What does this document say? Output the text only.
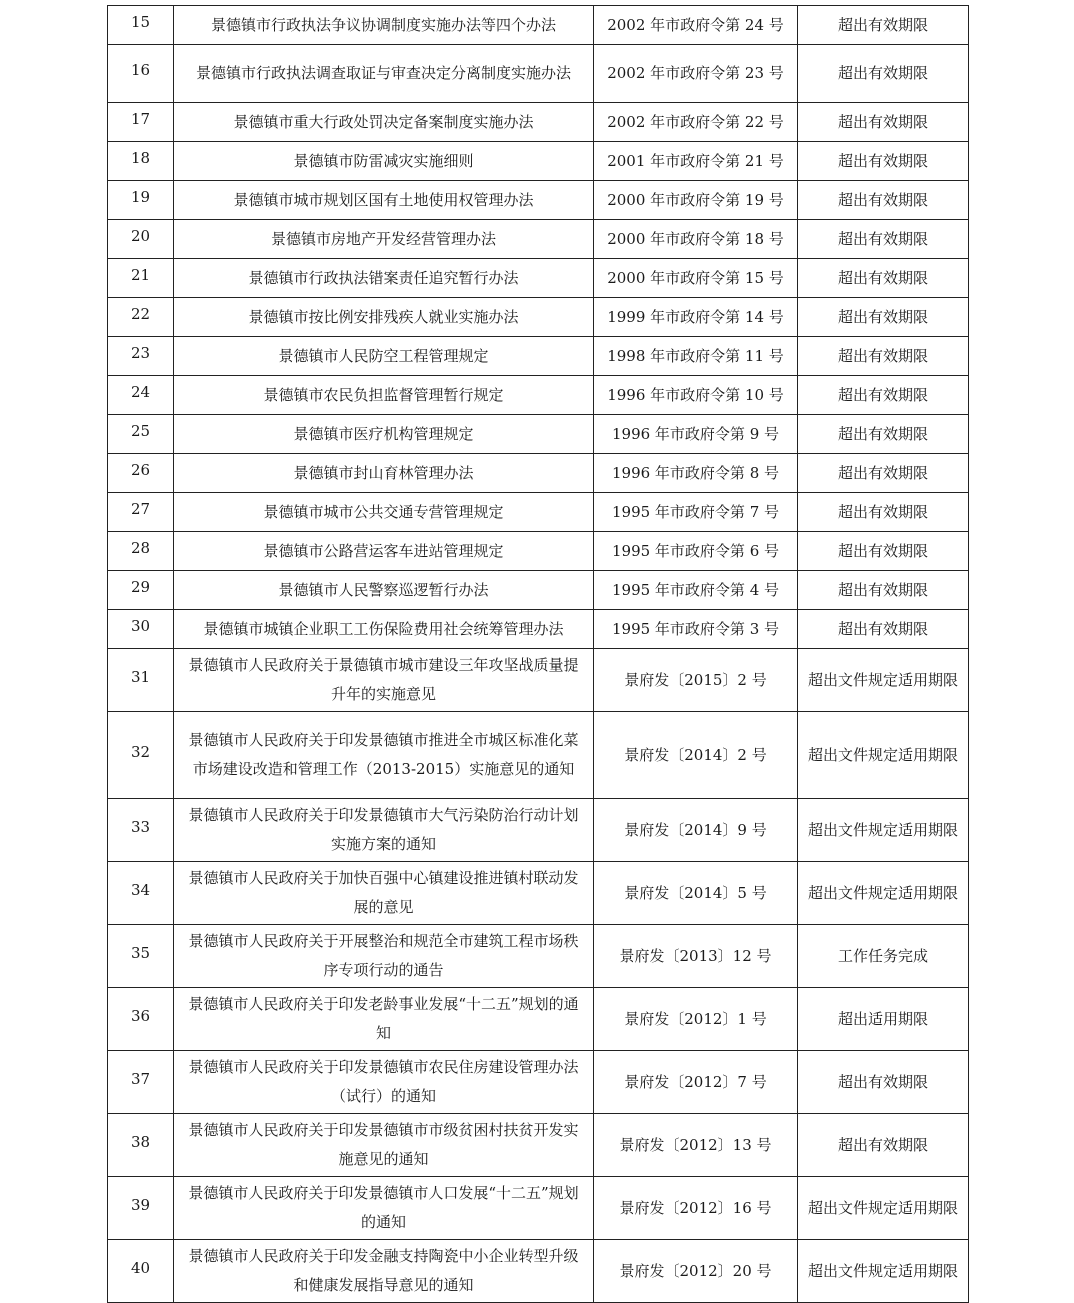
15	景德镇市行政执法争议协调制度实施办法等四个办法	2002 年市政府令第 24 号	超出有效期限
16	景德镇市行政执法调查取证与审查决定分离制度实施办法	2002 年市政府令第 23 号	超出有效期限
17	景德镇市重大行政处罚决定备案制度实施办法	2002 年市政府令第 22 号	超出有效期限
18	景德镇市防雷减灾实施细则	2001 年市政府令第 21 号	超出有效期限
19	景德镇市城市规划区国有土地使用权管理办法	2000 年市政府令第 19 号	超出有效期限
20	景德镇市房地产开发经营管理办法	2000 年市政府令第 18 号	超出有效期限
21	景德镇市行政执法错案责任追究暂行办法	2000 年市政府令第 15 号	超出有效期限
22	景德镇市按比例安排残疾人就业实施办法	1999 年市政府令第 14 号	超出有效期限
23	景德镇市人民防空工程管理规定	1998 年市政府令第 11 号	超出有效期限
24	景德镇市农民负担监督管理暂行规定	1996 年市政府令第 10 号	超出有效期限
25	景德镇市医疗机构管理规定	1996 年市政府令第 9 号	超出有效期限
26	景德镇市封山育林管理办法	1996 年市政府令第 8 号	超出有效期限
27	景德镇市城市公共交通专营管理规定	1995 年市政府令第 7 号	超出有效期限
28	景德镇市公路营运客车进站管理规定	1995 年市政府令第 6 号	超出有效期限
29	景德镇市人民警察巡逻暂行办法	1995 年市政府令第 4 号	超出有效期限
30	景德镇市城镇企业职工工伤保险费用社会统筹管理办法	1995 年市政府令第 3 号	超出有效期限
31	景德镇市人民政府关于景德镇市城市建设三年攻坚战质量提升年的实施意见	景府发〔2015〕2 号	超出文件规定适用期限
32	景德镇市人民政府关于印发景德镇市推进全市城区标准化菜市场建设改造和管理工作（2013-2015）实施意见的通知	景府发〔2014〕2 号	超出文件规定适用期限
33	景德镇市人民政府关于印发景德镇市大气污染防治行动计划实施方案的通知	景府发〔2014〕9 号	超出文件规定适用期限
34	景德镇市人民政府关于加快百强中心镇建设推进镇村联动发展的意见	景府发〔2014〕5 号	超出文件规定适用期限
35	景德镇市人民政府关于开展整治和规范全市建筑工程市场秩序专项行动的通告	景府发〔2013〕12 号	工作任务完成
36	景德镇市人民政府关于印发老龄事业发展“十二五”规划的通知	景府发〔2012〕1 号	超出适用期限
37	景德镇市人民政府关于印发景德镇市农民住房建设管理办法（试行）的通知	景府发〔2012〕7 号	超出有效期限
38	景德镇市人民政府关于印发景德镇市市级贫困村扶贫开发实施意见的通知	景府发〔2012〕13 号	超出有效期限
39	景德镇市人民政府关于印发景德镇市人口发展“十二五”规划的通知	景府发〔2012〕16 号	超出文件规定适用期限
40	景德镇市人民政府关于印发金融支持陶瓷中小企业转型升级和健康发展指导意见的通知	景府发〔2012〕20 号	超出文件规定适用期限
